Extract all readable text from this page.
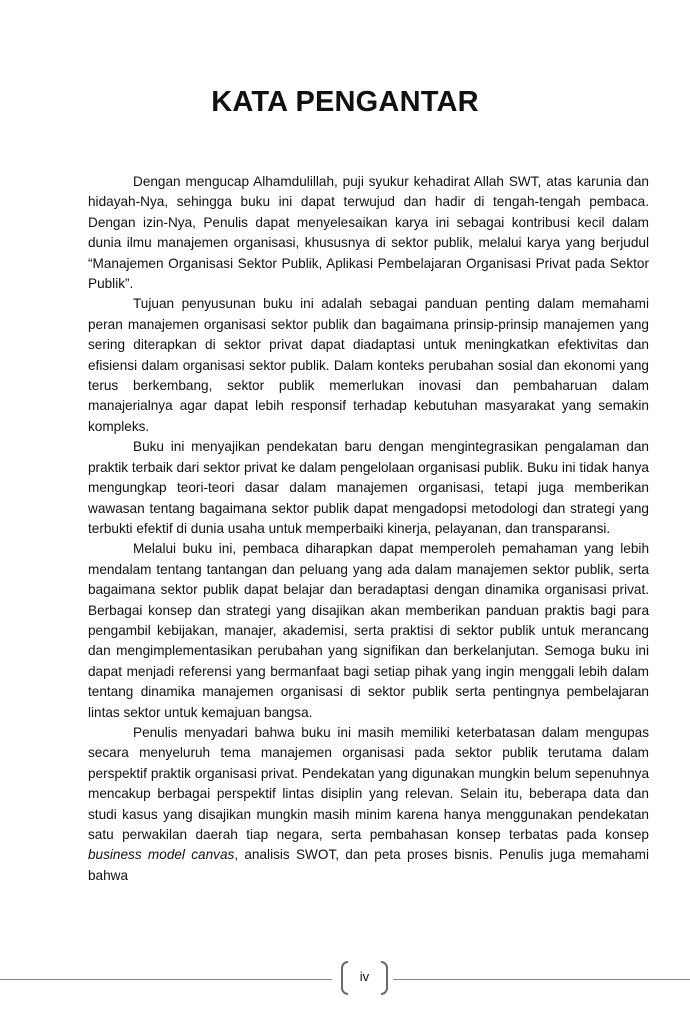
KATA PENGANTAR

Dengan mengucap Alhamdulillah, puji syukur kehadirat Allah SWT, atas karunia dan hidayah-Nya, sehingga buku ini dapat terwujud dan hadir di tengah-tengah pembaca. Dengan izin-Nya, Penulis dapat menyelesaikan karya ini sebagai kontribusi kecil dalam dunia ilmu manajemen organisasi, khususnya di sektor publik, melalui karya yang berjudul “Manajemen Organisasi Sektor Publik, Aplikasi Pembelajaran Organisasi Privat pada Sektor Publik”.

Tujuan penyusunan buku ini adalah sebagai panduan penting dalam memahami peran manajemen organisasi sektor publik dan bagaimana prinsip-prinsip manajemen yang sering diterapkan di sektor privat dapat diadaptasi untuk meningkatkan efektivitas dan efisiensi dalam organisasi sektor publik. Dalam konteks perubahan sosial dan ekonomi yang terus berkembang, sektor publik memerlukan inovasi dan pembaharuan dalam manajerialnya agar dapat lebih responsif terhadap kebutuhan masyarakat yang semakin kompleks.

Buku ini menyajikan pendekatan baru dengan mengintegrasikan pengalaman dan praktik terbaik dari sektor privat ke dalam pengelolaan organisasi publik. Buku ini tidak hanya mengungkap teori-teori dasar dalam manajemen organisasi, tetapi juga memberikan wawasan tentang bagaimana sektor publik dapat mengadopsi metodologi dan strategi yang terbukti efektif di dunia usaha untuk memperbaiki kinerja, pelayanan, dan transparansi.

Melalui buku ini, pembaca diharapkan dapat memperoleh pemahaman yang lebih mendalam tentang tantangan dan peluang yang ada dalam manajemen sektor publik, serta bagaimana sektor publik dapat belajar dan beradaptasi dengan dinamika organisasi privat. Berbagai konsep dan strategi yang disajikan akan memberikan panduan praktis bagi para pengambil kebijakan, manajer, akademisi, serta praktisi di sektor publik untuk merancang dan mengimplementasikan perubahan yang signifikan dan berkelanjutan. Semoga buku ini dapat menjadi referensi yang bermanfaat bagi setiap pihak yang ingin menggali lebih dalam tentang dinamika manajemen organisasi di sektor publik serta pentingnya pembelajaran lintas sektor untuk kemajuan bangsa.

Penulis menyadari bahwa buku ini masih memiliki keterbatasan dalam mengupas secara menyeluruh tema manajemen organisasi pada sektor publik terutama dalam perspektif praktik organisasi privat. Pendekatan yang digunakan mungkin belum sepenuhnya mencakup berbagai perspektif lintas disiplin yang relevan. Selain itu, beberapa data dan studi kasus yang disajikan mungkin masih minim karena hanya menggunakan pendekatan satu perwakilan daerah tiap negara, serta pembahasan konsep terbatas pada konsep business model canvas, analisis SWOT, dan peta proses bisnis. Penulis juga memahami bahwa

iv
